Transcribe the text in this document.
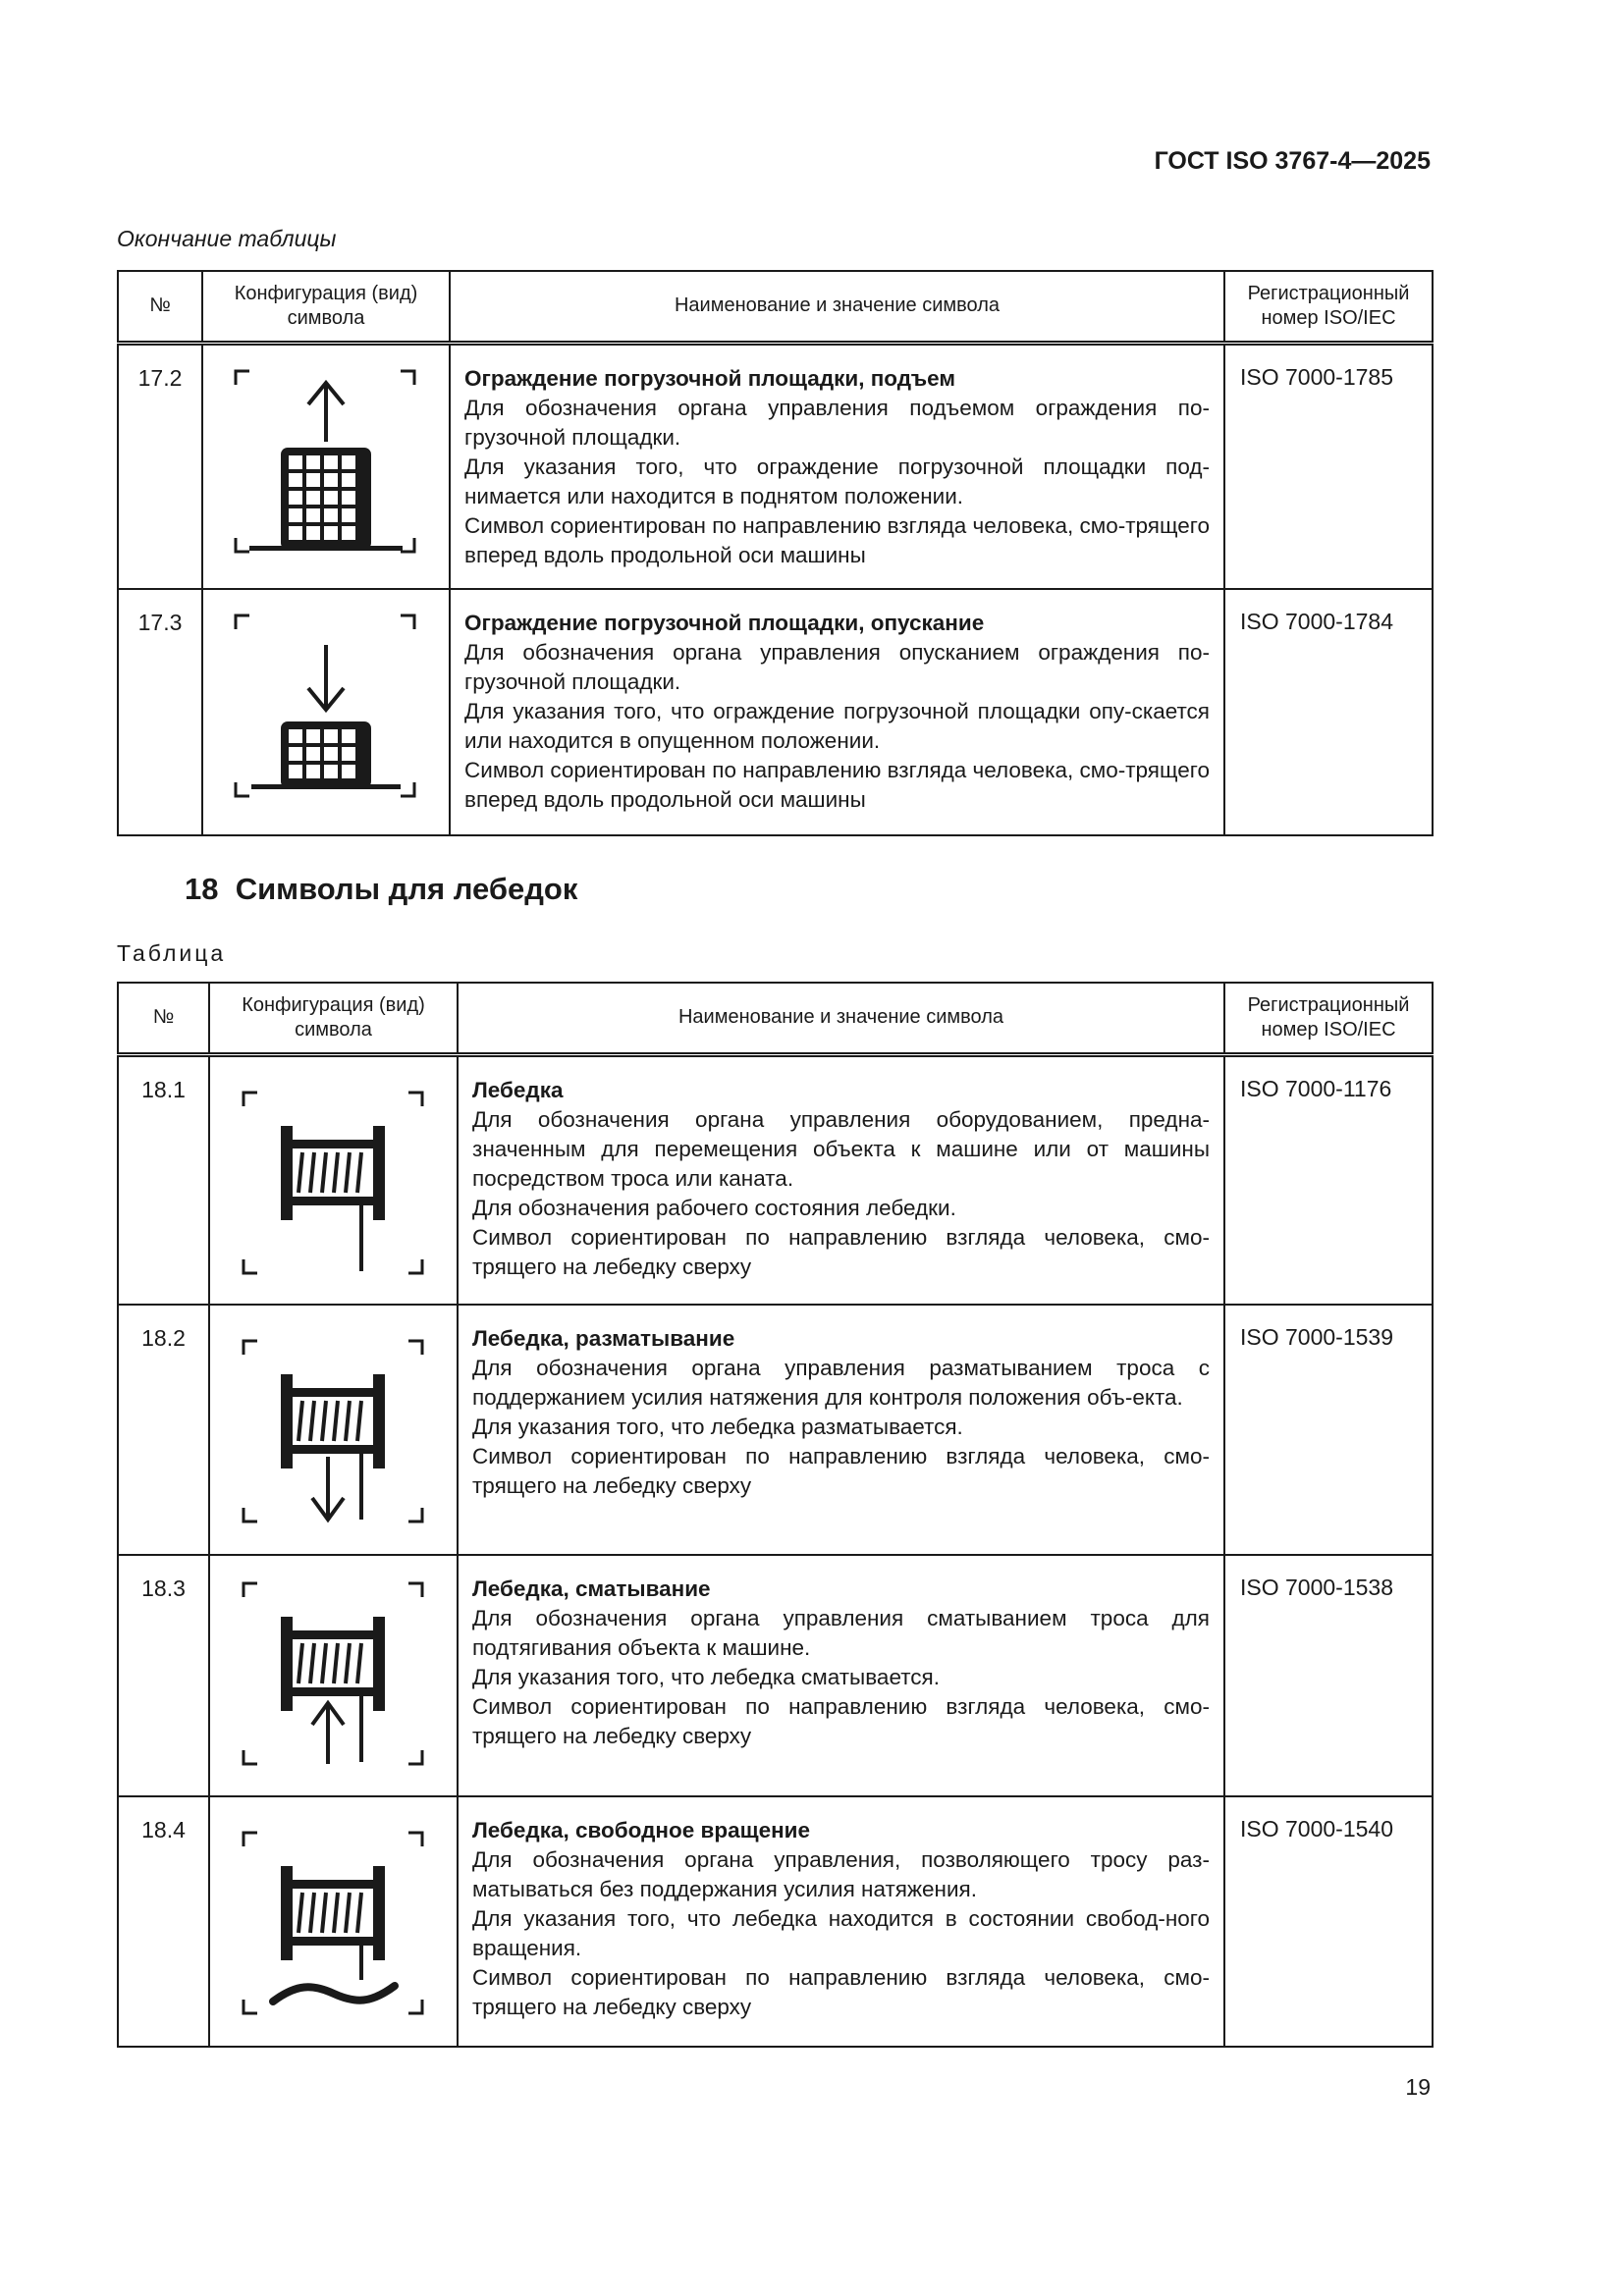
ГОСТ ISO 3767-4—2025
Окончание таблицы
№	Конфигурация (вид) символа	Наименование и значение символа	Регистрационный номер ISO/IEC
17.2		Ограждение погрузочной площадки, подъем
Для обозначения органа управления подъемом ограждения по-грузочной площадки.
Для указания того, что ограждение погрузочной площадки под-нимается или находится в поднятом положении.
Символ сориентирован по направлению взгляда человека, смо-трящего вперед вдоль продольной оси машины	ISO 7000-1785
17.3		Ограждение погрузочной площадки, опускание
Для обозначения органа управления опусканием ограждения по-грузочной площадки.
Для указания того, что ограждение погрузочной площадки опу-скается или находится в опущенном положении.
Символ сориентирован по направлению взгляда человека, смо-трящего вперед вдоль продольной оси машины	ISO 7000-1784
18  Символы для лебедок
Таблица
№	Конфигурация (вид) символа	Наименование и значение символа	Регистрационный номер ISO/IEC
18.1		Лебедка
Для обозначения органа управления оборудованием, предна-значенным для перемещения объекта к машине или от машины посредством троса или каната.
Для обозначения рабочего состояния лебедки.
Символ сориентирован по направлению взгляда человека, смо-трящего на лебедку сверху	ISO 7000-1176
18.2		Лебедка, разматывание
Для обозначения органа управления разматыванием троса с поддержанием усилия натяжения для контроля положения объ-екта.
Для указания того, что лебедка разматывается.
Символ сориентирован по направлению взгляда человека, смо-трящего на лебедку сверху	ISO 7000-1539
18.3		Лебедка, сматывание
Для обозначения органа управления сматыванием троса для подтягивания объекта к машине.
Для указания того, что лебедка сматывается.
Символ сориентирован по направлению взгляда человека, смо-трящего на лебедку сверху	ISO 7000-1538
18.4		Лебедка, свободное вращение
Для обозначения органа управления, позволяющего тросу раз-матываться без поддержания усилия натяжения.
Для указания того, что лебедка находится в состоянии свобод-ного вращения.
Символ сориентирован по направлению взгляда человека, смо-трящего на лебедку сверху	ISO 7000-1540
19
